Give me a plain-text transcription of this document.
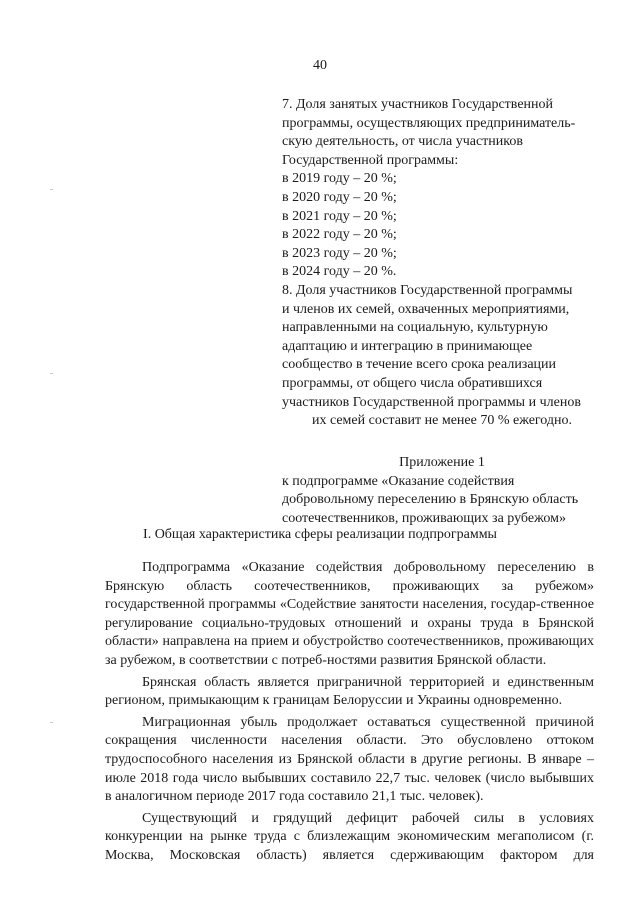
40

7. Доля занятых участников Государственной

программы, осуществляющих предприниматель-

скую деятельность, от числа участников

Государственной программы:

в 2019 году – 20 %;

в 2020 году – 20 %;

в 2021 году – 20 %;

в 2022 году – 20 %;

в 2023 году – 20 %;

в 2024 году – 20 %.

8. Доля участников Государственной программы

и членов их семей, охваченных мероприятиями,

направленными на социальную, культурную

адаптацию и интеграцию в принимающее

сообщество в течение всего срока реализации

программы, от общего числа обратившихся

участников Государственной программы и членов

их семей составит не менее 70 % ежегодно.

Приложение 1

к подпрограмме «Оказание содействия

добровольному переселению в Брянскую область

соотечественников, проживающих за рубежом»

I. Общая характеристика сферы реализации подпрограммы

Подпрограмма «Оказание содействия добровольному переселению в Брянскую область соотечественников, проживающих за рубежом» государственной программы «Содействие занятости населения, государ-ственное регулирование социально-трудовых отношений и охраны труда в Брянской области» направлена на прием и обустройство соотечественников, проживающих за рубежом, в соответствии с потреб-ностями развития Брянской области.

Брянская область является приграничной территорией и единственным регионом, примыкающим к границам Белоруссии и Украины одновременно.

Миграционная убыль продолжает оставаться существенной причиной сокращения численности населения области. Это обусловлено оттоком трудоспособного населения из Брянской области в другие регионы. В январе – июле 2018 года число выбывших составило 22,7 тыс. человек (число выбывших в аналогичном периоде 2017 года составило 21,1 тыс. человек).

Существующий и грядущий дефицит рабочей силы в условиях конкуренции на рынке труда с близлежащим экономическим мегаполисом (г. Москва, Московская область) является сдерживающим фактором для
